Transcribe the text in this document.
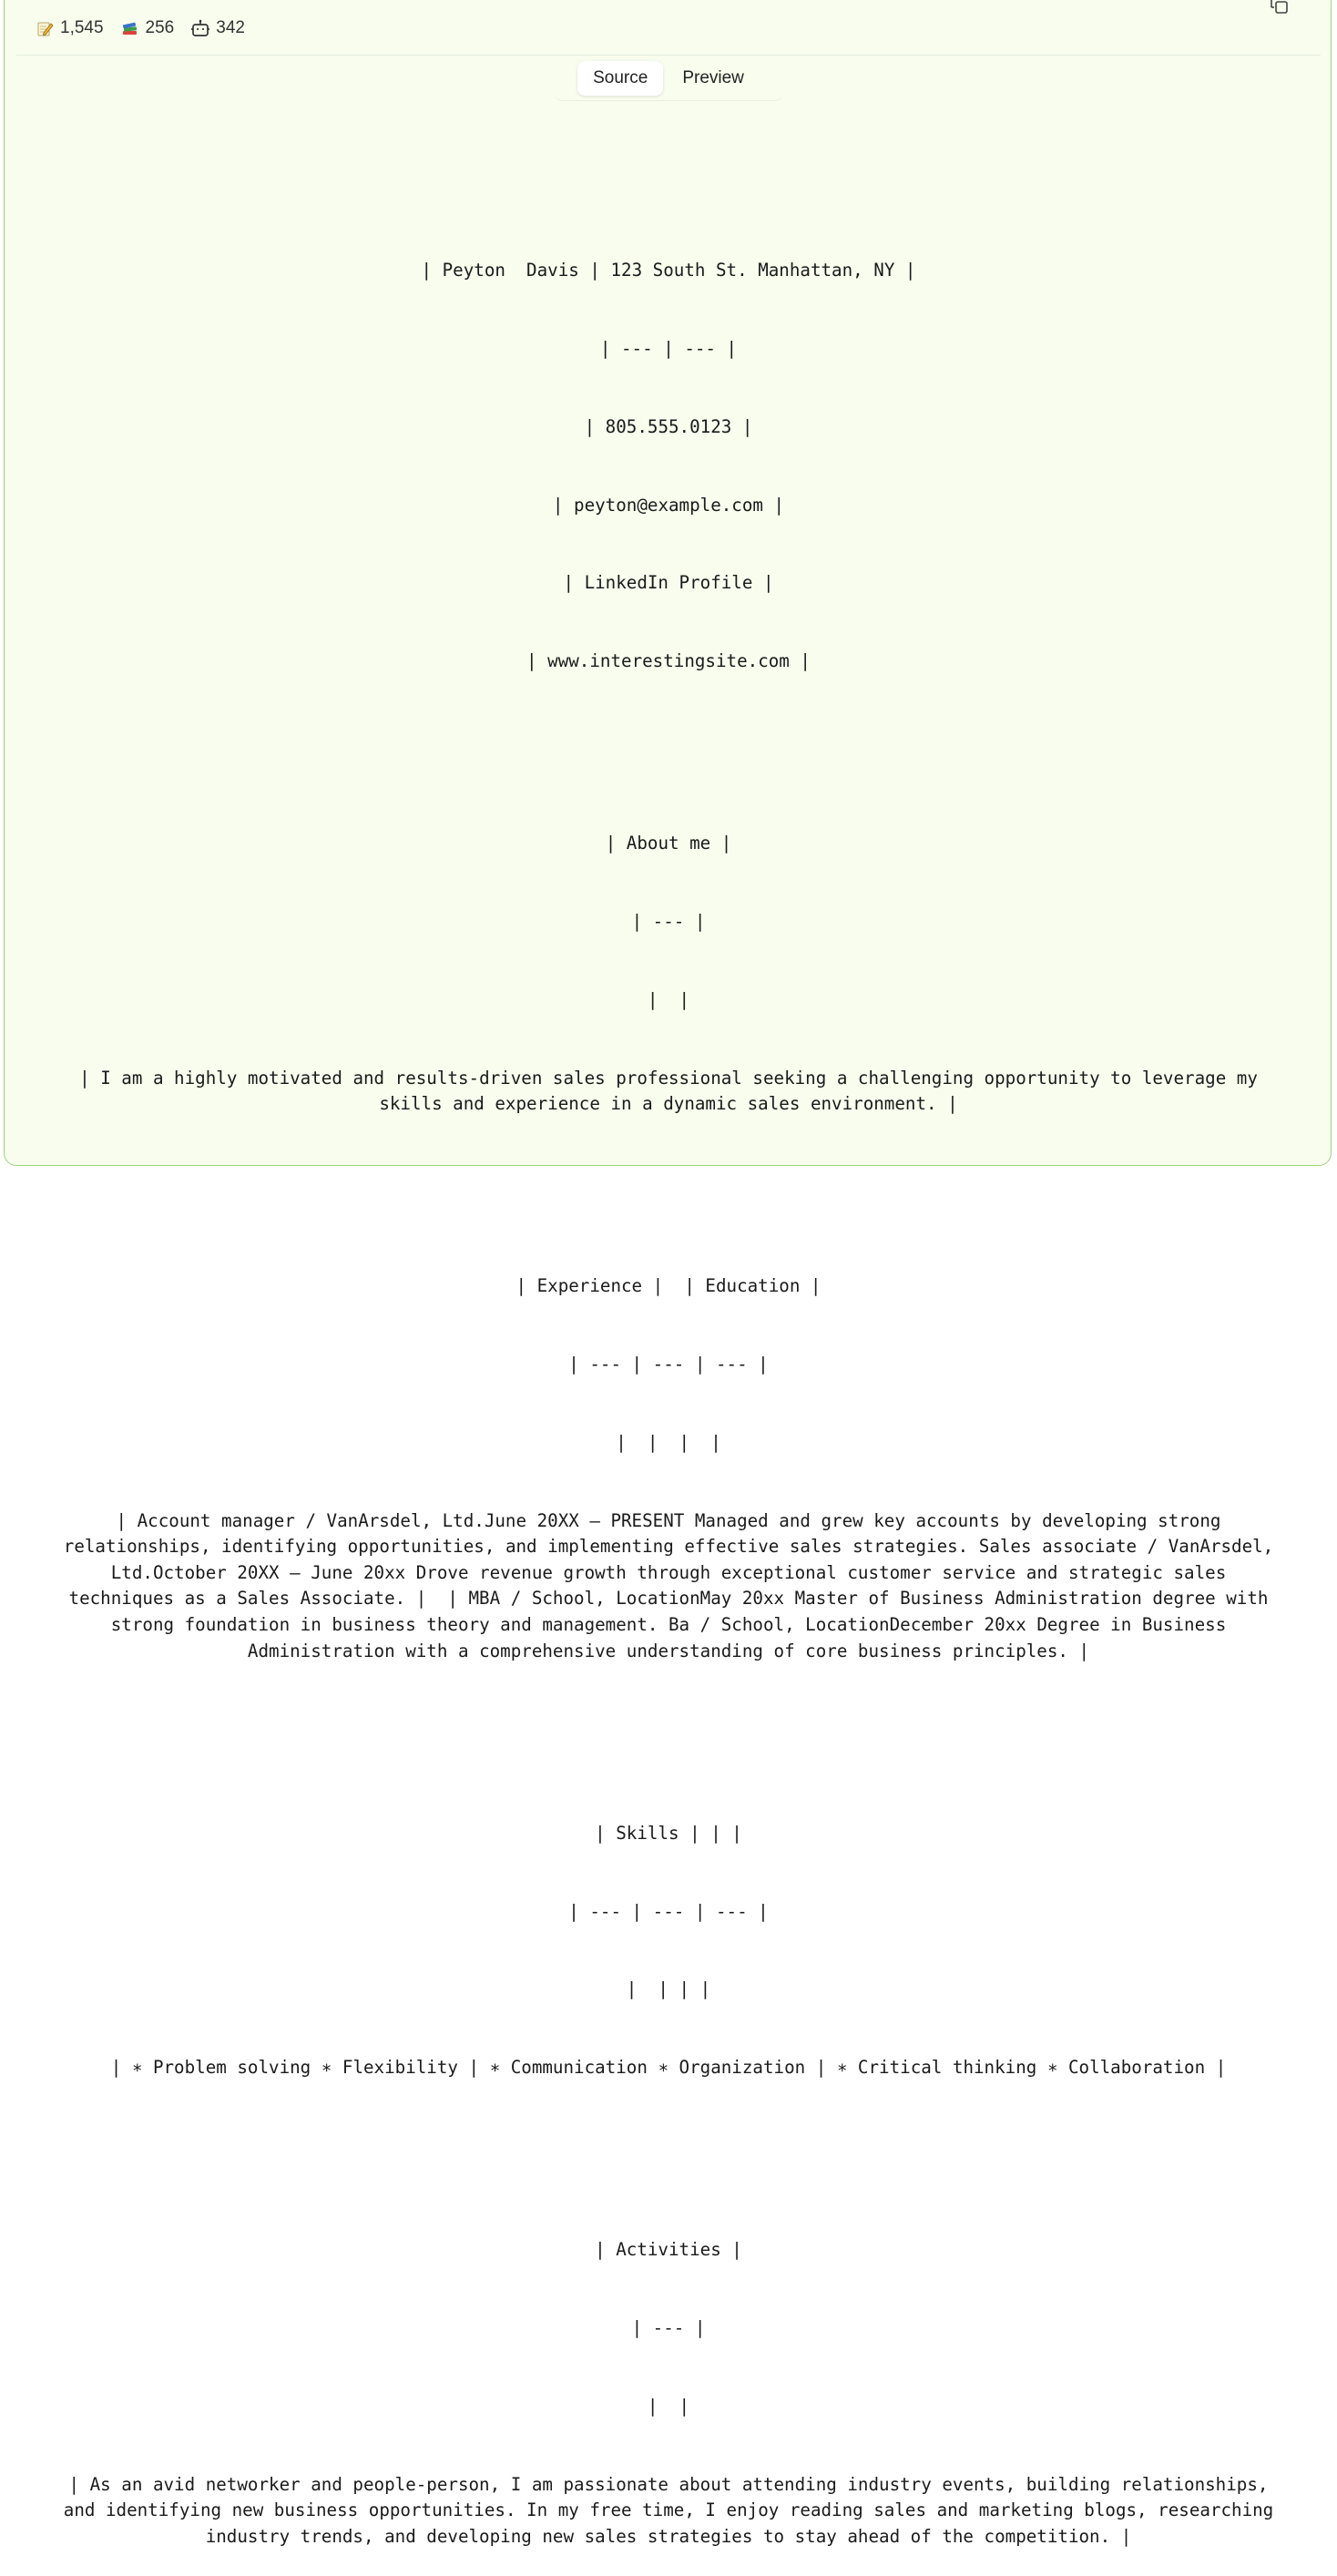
1,545 256 342
Source	Preview

| Peyton  Davis | 123 South St. Manhattan, NY |

| --- | --- |

| 805.555.0123 |

| peyton@example.com |

| LinkedIn Profile |

| www.interestingsite.com |

| About me |

| --- |

|  |

| I am a highly motivated and results-driven sales professional seeking a challenging opportunity to leverage my skills and experience in a dynamic sales environment. |

| Experience |  | Education |

| --- | --- | --- |

|  |  |  |

| Account manager / VanArsdel, Ltd.June 20XX – PRESENT Managed and grew key accounts by developing strong relationships, identifying opportunities, and implementing effective sales strategies. Sales associate / VanArsdel, Ltd.October 20XX – June 20xx Drove revenue growth through exceptional customer service and strategic sales techniques as a Sales Associate. |  | MBA / School, LocationMay 20xx Master of Business Administration degree with strong foundation in business theory and management. Ba / School, LocationDecember 20xx Degree in Business Administration with a comprehensive understanding of core business principles. |

| Skills | | |

| --- | --- | --- |

|  | | |

| ∗ Problem solving ∗ Flexibility | ∗ Communication ∗ Organization | ∗ Critical thinking ∗ Collaboration |

| Activities |

| --- |

|  |

| As an avid networker and people-person, I am passionate about attending industry events, building relationships, and identifying new business opportunities. In my free time, I enjoy reading sales and marketing blogs, researching industry trends, and developing new sales strategies to stay ahead of the competition. |
